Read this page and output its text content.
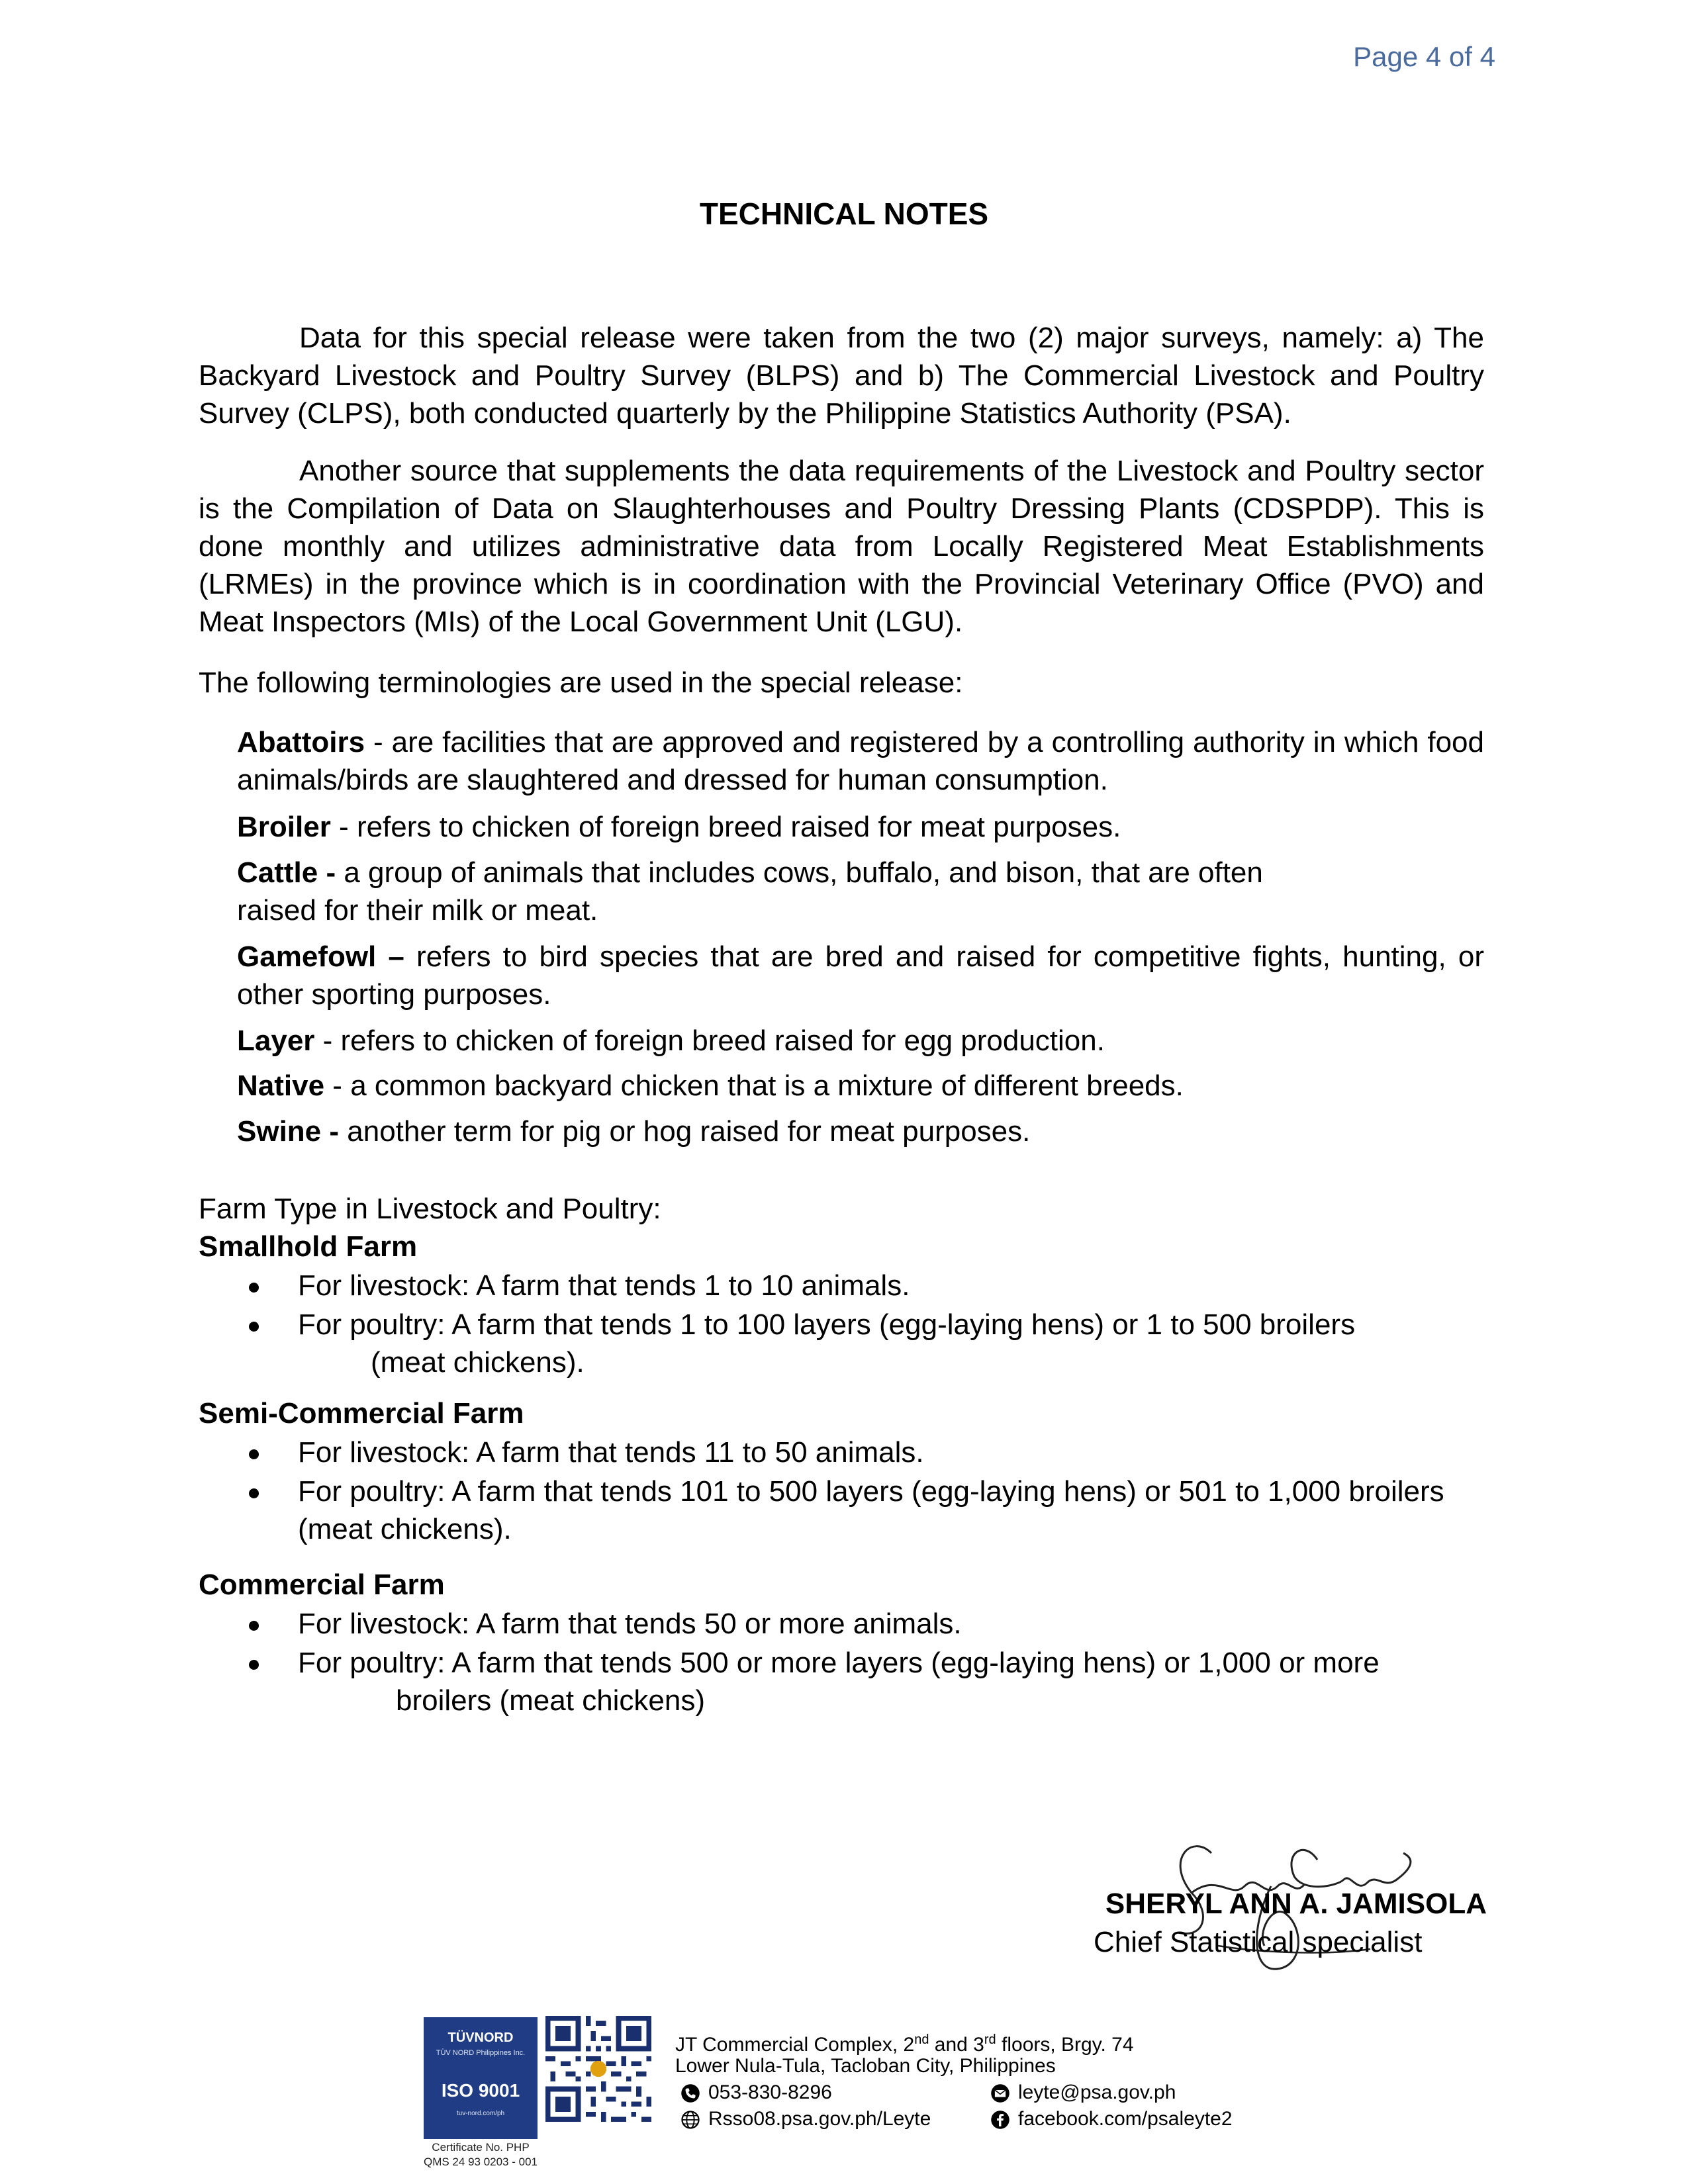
Page 4 of 4
TECHNICAL NOTES

Data for this special release were taken from the two (2) major surveys, namely: a) The Backyard Livestock and Poultry Survey (BLPS) and b) The Commercial Livestock and Poultry Survey (CLPS), both conducted quarterly by the Philippine Statistics Authority (PSA).

Another source that supplements the data requirements of the Livestock and Poultry sector is the Compilation of Data on Slaughterhouses and Poultry Dressing Plants (CDSPDP). This is done monthly and utilizes administrative data from Locally Registered Meat Establishments (LRMEs) in the province which is in coordination with the Provincial Veterinary Office (PVO) and Meat Inspectors (MIs) of the Local Government Unit (LGU).

The following terminologies are used in the special release:

Abattoirs - are facilities that are approved and registered by a controlling authority in which food animals/birds are slaughtered and dressed for human consumption.

Broiler - refers to chicken of foreign breed raised for meat purposes.

Cattle - a group of animals that includes cows, buffalo, and bison, that are often
raised for their milk or meat.

Gamefowl – refers to bird species that are bred and raised for competitive fights, hunting, or other sporting purposes.

Layer - refers to chicken of foreign breed raised for egg production.

Native - a common backyard chicken that is a mixture of different breeds.

Swine - another term for pig or hog raised for meat purposes.

Farm Type in Livestock and Poultry:
Smallhold Farm
For livestock: A farm that tends 1 to 10 animals.
For poultry: A farm that tends 1 to 100 layers (egg-laying hens) or 1 to 500 broilers
(meat chickens).
Semi-Commercial Farm
For livestock: A farm that tends 11 to 50 animals.
For poultry: A farm that tends 101 to 500 layers (egg-laying hens) or 501 to 1,000 broilers
(meat chickens).
Commercial Farm
For livestock: A farm that tends 50 or more animals.
For poultry: A farm that tends 500 or more layers (egg-laying hens) or 1,000 or more
broilers (meat chickens)
SHERYL ANN A. JAMISOLA
Chief Statistical specialist
TÜVNORD
TÜV NORD Philippines Inc.
ISO 9001
tuv-nord.com/ph
Certificate No. PHP
QMS 24 93 0203 - 001
JT Commercial Complex, 2nd and 3rd floors, Brgy. 74
Lower Nula-Tula, Tacloban City, Philippines
053-830-8296	leyte@psa.gov.ph
Rsso08.psa.gov.ph/Leyte	facebook.com/psaleyte2
